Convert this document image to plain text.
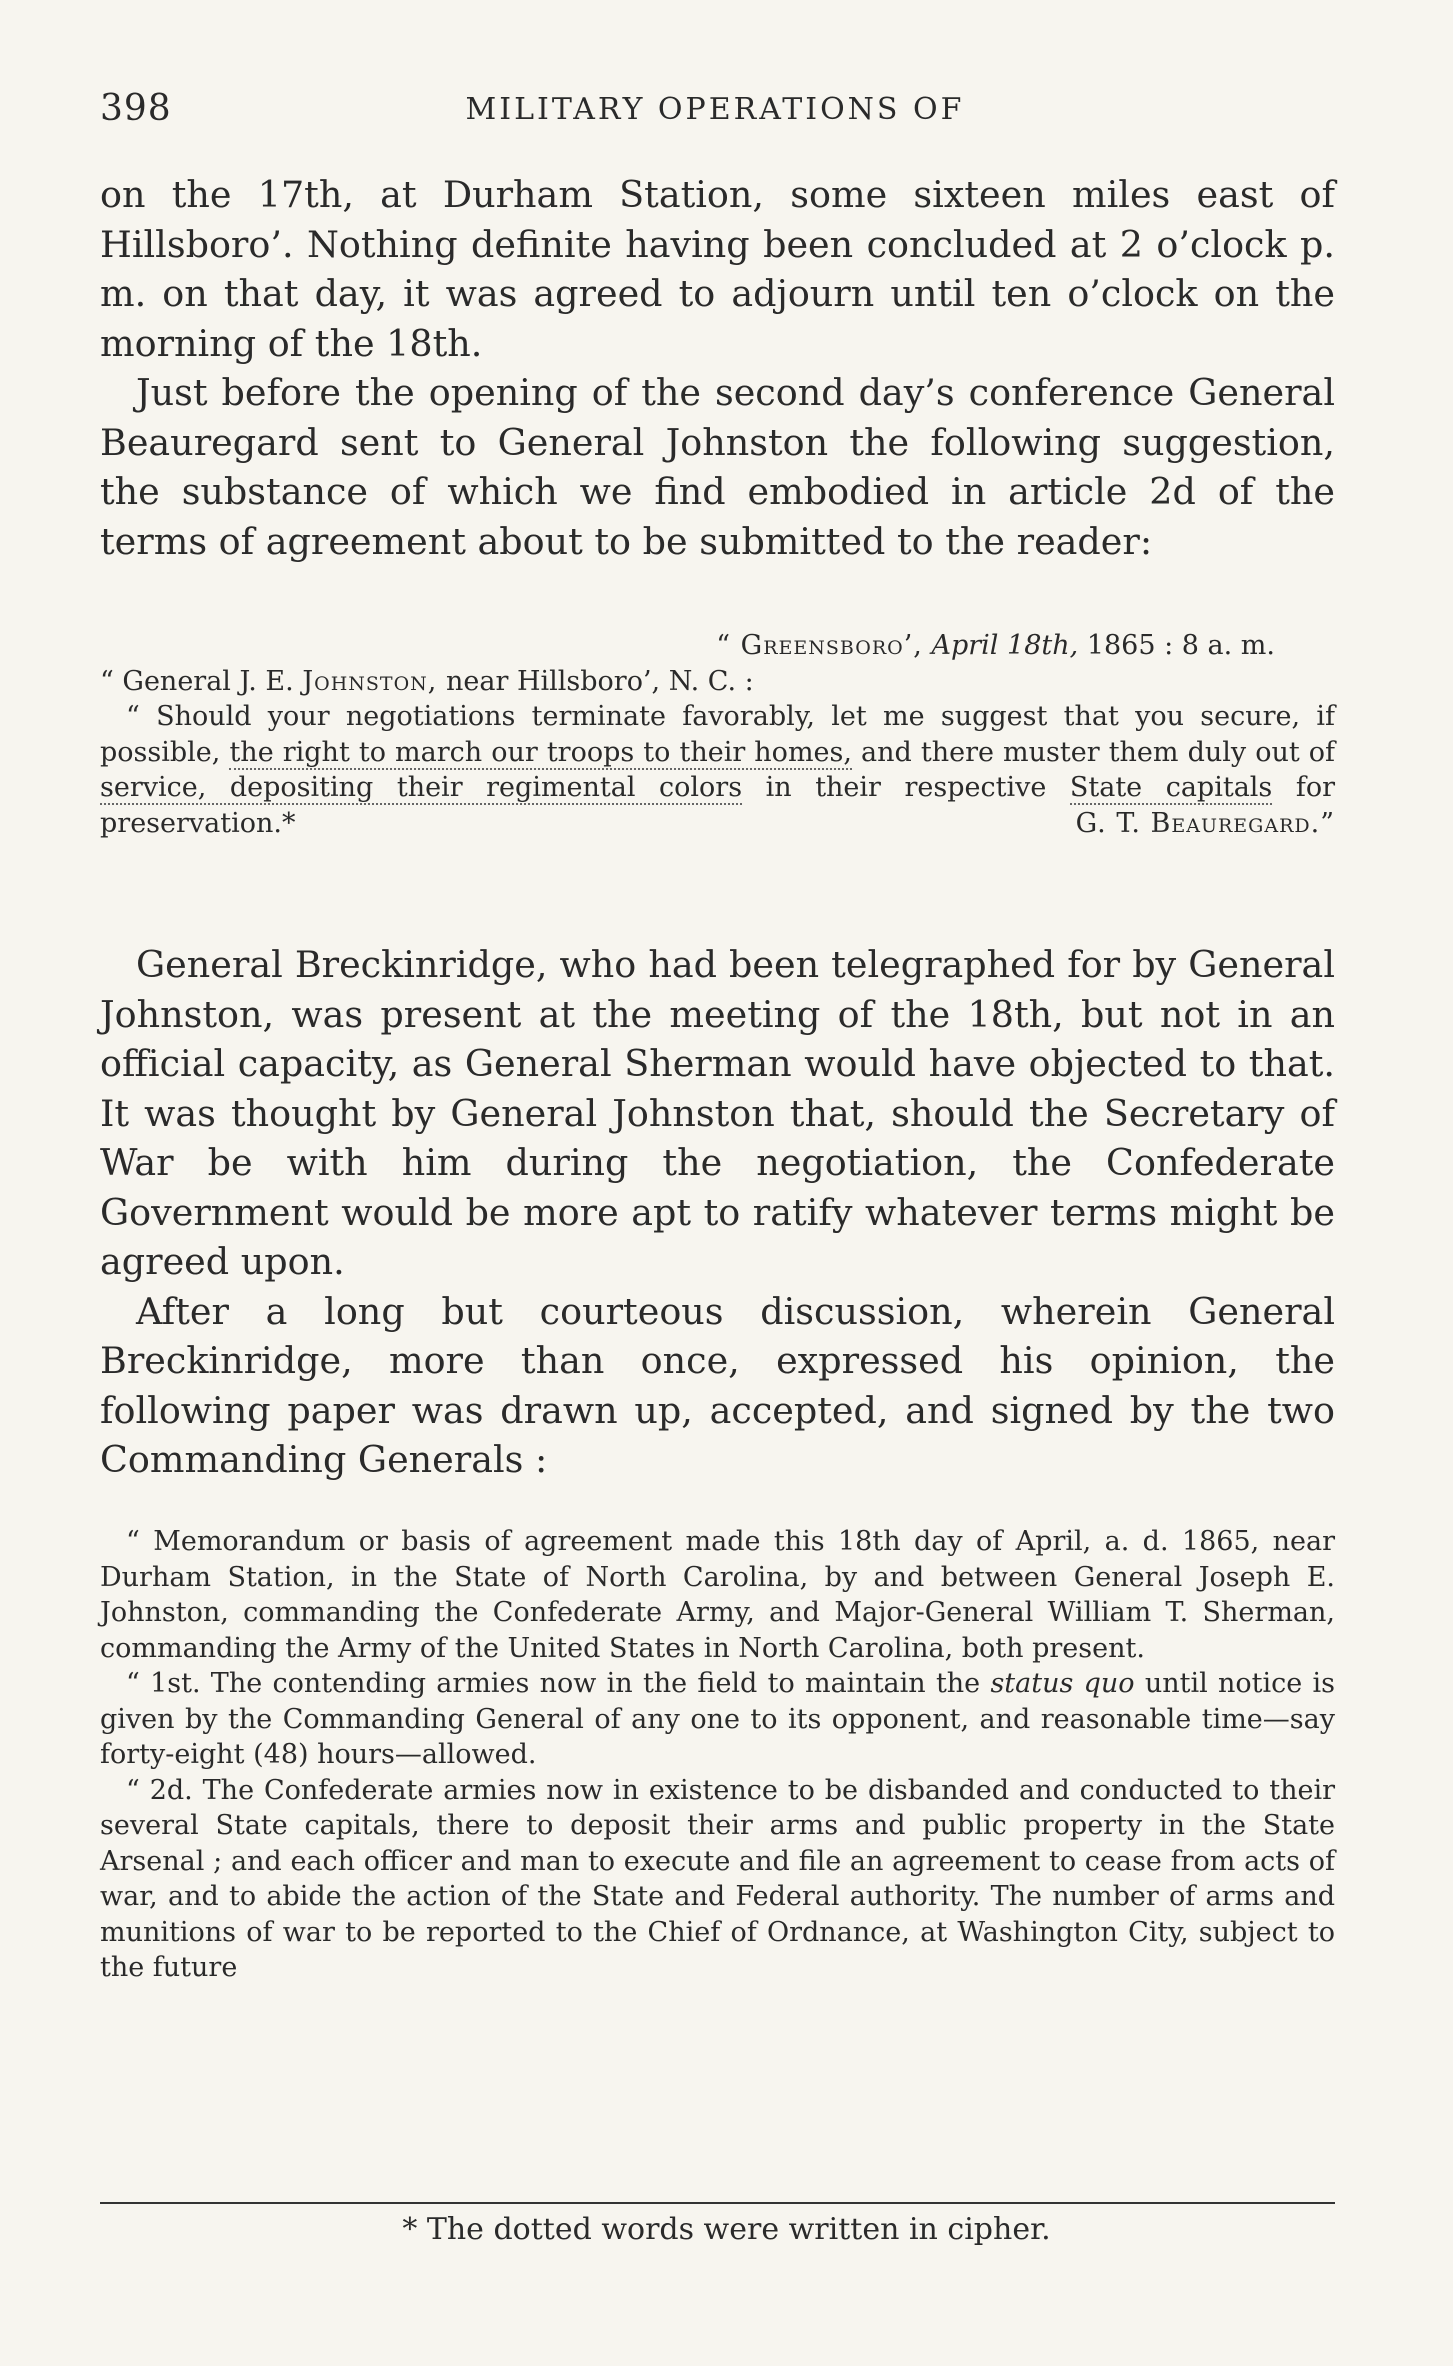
398	MILITARY OPERATIONS OF

on the 17th, at Durham Station, some sixteen miles east of Hillsboro’. Nothing definite having been concluded at 2 o’clock p. m. on that day, it was agreed to adjourn until ten o’clock on the morning of the 18th.

Just before the opening of the second day’s conference General Beauregard sent to General Johnston the following suggestion, the substance of which we find embodied in article 2d of the terms of agreement about to be submitted to the reader:

“ Greensboro’, April 18th, 1865 : 8 a. m.

“ General J. E. Johnston, near Hillsboro’, N. C. :

“ Should your negotiations terminate favorably, let me suggest that you secure, if possible, the right to march our troops to their homes, and there muster them duly out of service, depositing their regimental colors in their respective State capitals for preservation.*	G. T. Beauregard.”

General Breckinridge, who had been telegraphed for by General Johnston, was present at the meeting of the 18th, but not in an official capacity, as General Sherman would have objected to that. It was thought by General Johnston that, should the Secretary of War be with him during the negotiation, the Confederate Government would be more apt to ratify whatever terms might be agreed upon.

After a long but courteous discussion, wherein General Breckinridge, more than once, expressed his opinion, the following paper was drawn up, accepted, and signed by the two Commanding Generals :

“ Memorandum or basis of agreement made this 18th day of April, a. d. 1865, near Durham Station, in the State of North Carolina, by and between General Joseph E. Johnston, commanding the Confederate Army, and Major-General William T. Sherman, commanding the Army of the United States in North Carolina, both present.

“ 1st. The contending armies now in the field to maintain the status quo until notice is given by the Commanding General of any one to its opponent, and reasonable time—say forty-eight (48) hours—allowed.

“ 2d. The Confederate armies now in existence to be disbanded and conducted to their several State capitals, there to deposit their arms and public property in the State Arsenal ; and each officer and man to execute and file an agreement to cease from acts of war, and to abide the action of the State and Federal authority. The number of arms and munitions of war to be reported to the Chief of Ordnance, at Washington City, subject to the future

* The dotted words were written in cipher.
